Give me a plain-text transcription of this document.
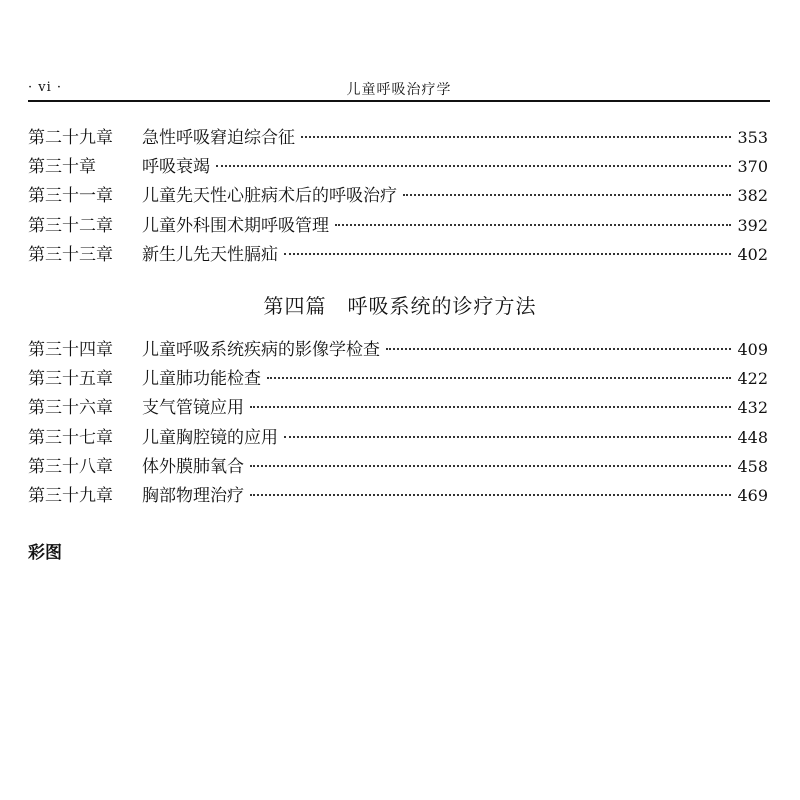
· vi ·	儿童呼吸治疗学
第二十九章	急性呼吸窘迫综合征	353
第三十章	呼吸衰竭	370
第三十一章	儿童先天性心脏病术后的呼吸治疗	382
第三十二章	儿童外科围术期呼吸管理	392
第三十三章	新生儿先天性膈疝	402
第四篇　呼吸系统的诊疗方法
第三十四章	儿童呼吸系统疾病的影像学检查	409
第三十五章	儿童肺功能检查	422
第三十六章	支气管镜应用	432
第三十七章	儿童胸腔镜的应用	448
第三十八章	体外膜肺氧合	458
第三十九章	胸部物理治疗	469
彩图
